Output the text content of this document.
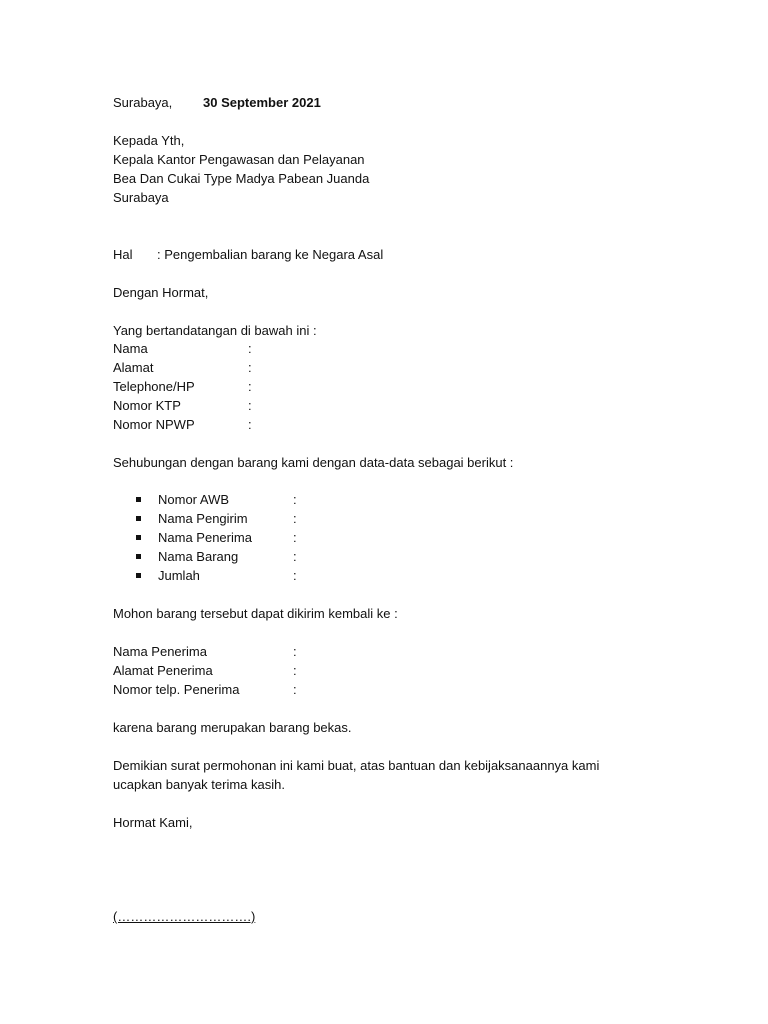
Surabaya, 30 September 2021
Kepada Yth,
Kepala Kantor Pengawasan dan Pelayanan
Bea Dan Cukai Type Madya Pabean Juanda
Surabaya
Hal : Pengembalian barang ke Negara Asal
Dengan Hormat,
Yang bertandatangan di bawah ini :
Nama	:
Alamat	:
Telephone/HP	:
Nomor KTP	:
Nomor NPWP	:
Sehubungan dengan barang kami dengan data-data sebagai berikut :
Nomor AWB	:
Nama Pengirim	:
Nama Penerima	:
Nama Barang	:
Jumlah	:
Mohon barang tersebut dapat dikirim kembali ke :
Nama Penerima	:
Alamat Penerima	:
Nomor telp. Penerima	:
karena barang merupakan barang bekas.
Demikian surat permohonan ini kami buat, atas bantuan dan kebijaksanaannya kami
ucapkan banyak terima kasih.
Hormat Kami,
(………………………….)
